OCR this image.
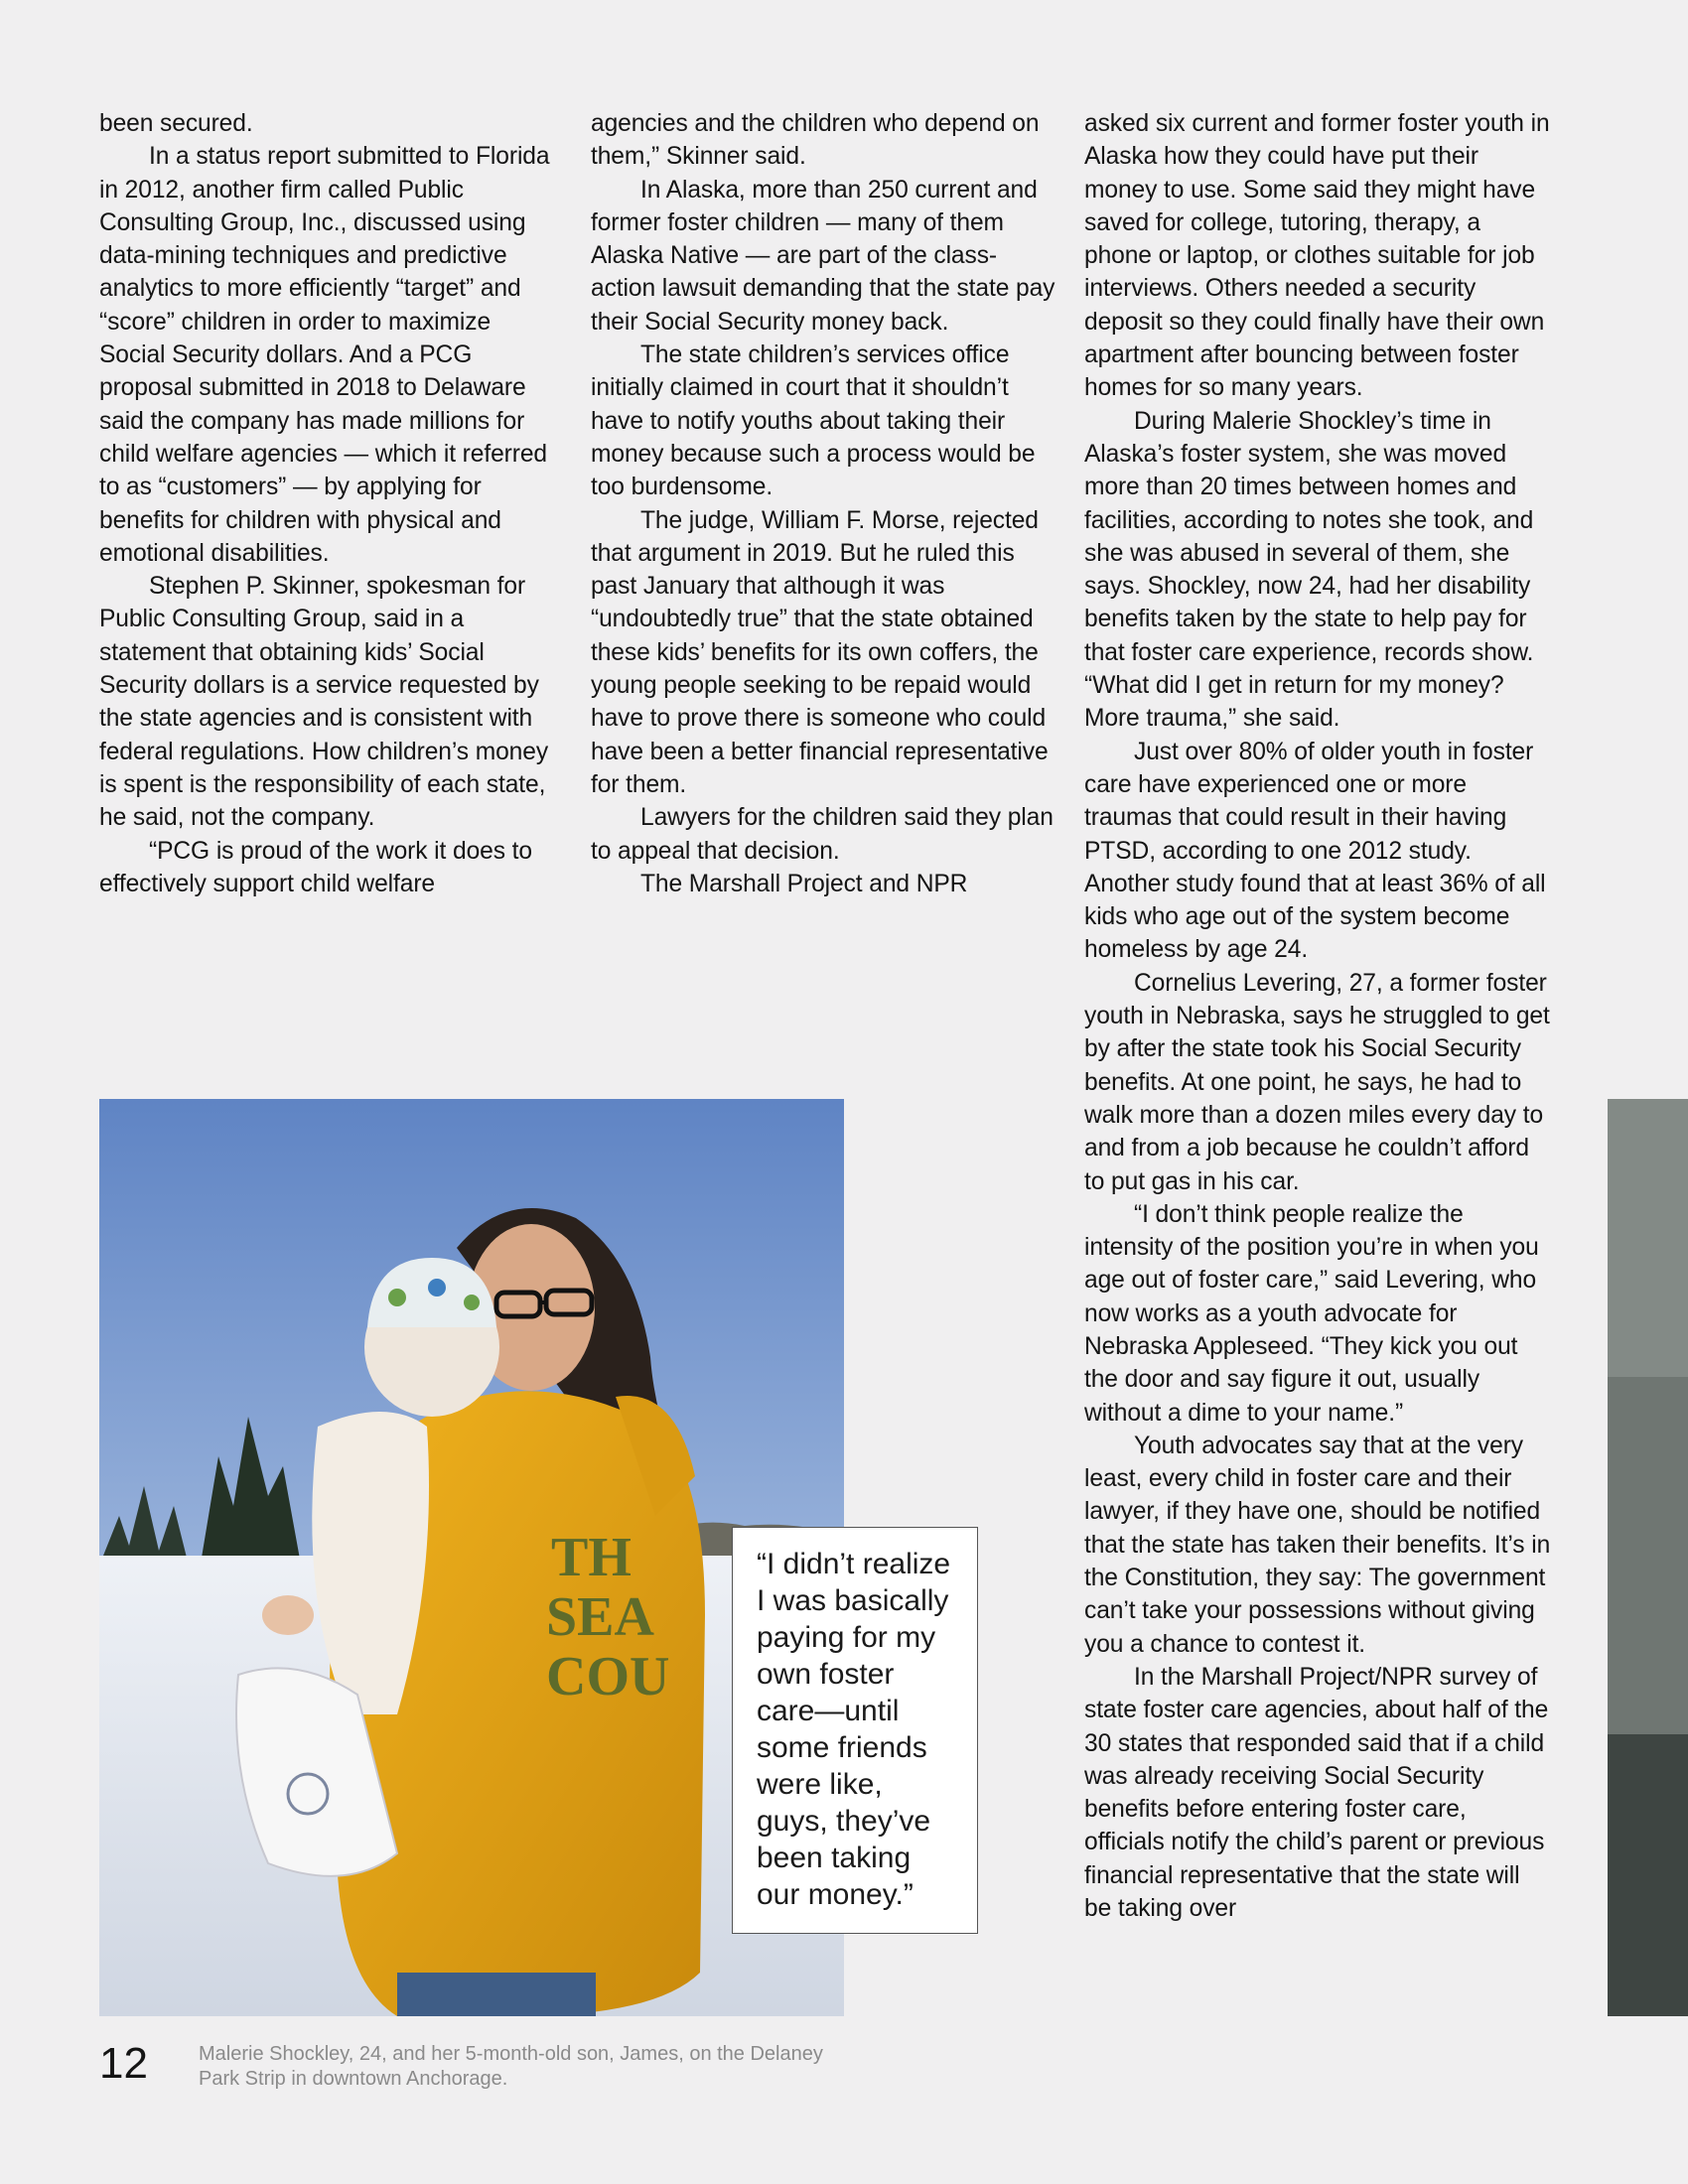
been secured.

In a status report submitted to Florida in 2012, another firm called Public Consulting Group, Inc., discussed using data-mining techniques and predictive analytics to more efficiently “target” and “score” children in order to maximize Social Security dollars. And a PCG proposal submitted in 2018 to Delaware said the company has made millions for child welfare agencies — which it referred to as “customers” — by applying for benefits for children with physical and emotional disabilities.

Stephen P. Skinner, spokesman for Public Consulting Group, said in a statement that obtaining kids’ Social Security dollars is a service requested by the state agencies and is consistent with federal regulations. How children’s money is spent is the responsibility of each state, he said, not the company.

“PCG is proud of the work it does to effectively support child welfare

agencies and the children who depend on them,” Skinner said.

In Alaska, more than 250 current and former foster children — many of them Alaska Native — are part of the class-action lawsuit demanding that the state pay their Social Security money back.

The state children’s services office initially claimed in court that it shouldn’t have to notify youths about taking their money because such a process would be too burdensome.

The judge, William F. Morse, rejected that argument in 2019. But he ruled this past January that although it was “undoubtedly true” that the state obtained these kids’ benefits for its own coffers, the young people seeking to be repaid would have to prove there is someone who could have been a better financial representative for them.

Lawyers for the children said they plan to appeal that decision.

The Marshall Project and NPR

asked six current and former foster youth in Alaska how they could have put their money to use. Some said they might have saved for college, tutoring, therapy, a phone or laptop, or clothes suitable for job interviews. Others needed a security deposit so they could finally have their own apartment after bouncing between foster homes for so many years.

During Malerie Shockley’s time in Alaska’s foster system, she was moved more than 20 times between homes and facilities, according to notes she took, and she was abused in several of them, she says. Shockley, now 24, had her disability benefits taken by the state to help pay for that foster care experience, records show. “What did I get in return for my money? More trauma,” she said.

Just over 80% of older youth in foster care have experienced one or more traumas that could result in their having PTSD, according to one 2012 study. Another study found that at least 36% of all kids who age out of the system become homeless by age 24.

Cornelius Levering, 27, a former foster youth in Nebraska, says he struggled to get by after the state took his Social Security benefits. At one point, he says, he had to walk more than a dozen miles every day to and from a job because he couldn’t afford to put gas in his car.

“I don’t think people realize the intensity of the position you’re in when you age out of foster care,” said Levering, who now works as a youth advocate for Nebraska Appleseed. “They kick you out the door and say figure it out, usually without a dime to your name.”

Youth advocates say that at the very least, every child in foster care and their lawyer, if they have one, should be notified that the state has taken their benefits. It’s in the Constitution, they say: The government can’t take your possessions without giving you a chance to contest it.

In the Marshall Project/NPR survey of state foster care agencies, about half of the 30 states that responded said that if a child was already receiving Social Security benefits before entering foster care, officials notify the child’s parent or previous financial representative that the state will be taking over

TH
SEA
COU
“I didn’t realize I was basically paying for my own foster care—until some friends were like, guys, they’ve been taking our money.”
12	Malerie Shockley, 24, and her 5-month-old son, James, on the Delaney Park Strip in downtown Anchorage.
